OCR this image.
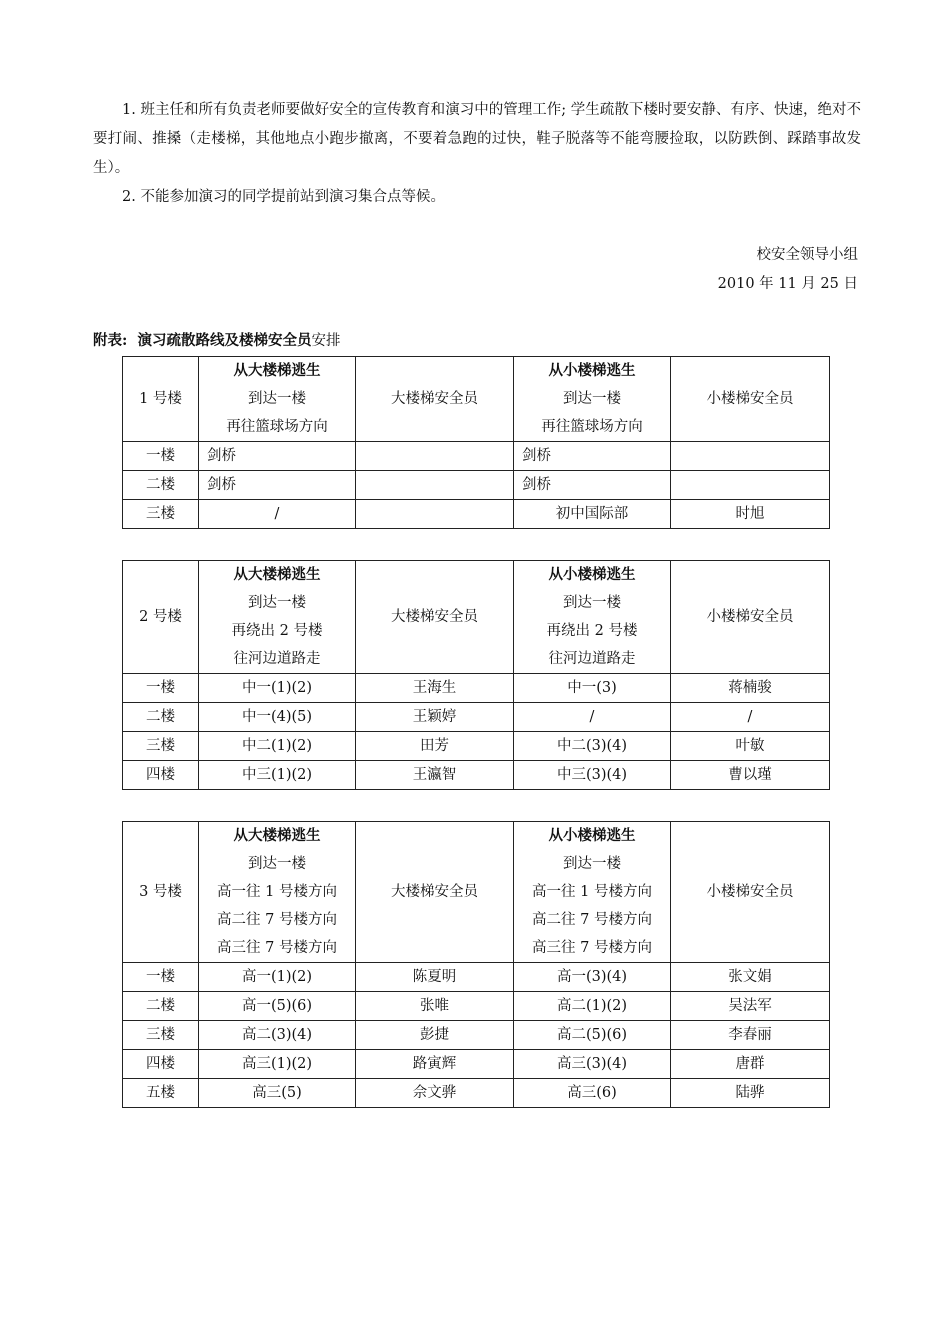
1. 班主任和所有负责老师要做好安全的宣传教育和演习中的管理工作; 学生疏散下楼时要安静、有序、快速，绝对不要打闹、推搡（走楼梯，其他地点小跑步撤离，不要着急跑的过快，鞋子脱落等不能弯腰捡取，以防跌倒、踩踏事故发生）。
2. 不能参加演习的同学提前站到演习集合点等候。
校安全领导小组
2010 年 11 月 25 日
附表: 演习疏散路线及楼梯安全员安排
1 号楼	从大楼梯逃生
到达一楼
再往篮球场方向	大楼梯安全员	从小楼梯逃生
到达一楼
再往篮球场方向	小楼梯安全员
一楼	剑桥		剑桥	
二楼	剑桥		剑桥	
三楼	/		初中国际部	时旭
2 号楼	从大楼梯逃生
到达一楼
再绕出 2 号楼
往河边道路走	大楼梯安全员	从小楼梯逃生
到达一楼
再绕出 2 号楼
往河边道路走	小楼梯安全员
一楼	中一(1)(2)	王海生	中一(3)	蒋楠骏
二楼	中一(4)(5)	王颖婷	/	/
三楼	中二(1)(2)	田芳	中二(3)(4)	叶敏
四楼	中三(1)(2)	王瀛智	中三(3)(4)	曹以瑾
3 号楼	从大楼梯逃生
到达一楼
高一往 1 号楼方向
高二往 7 号楼方向
高三往 7 号楼方向	大楼梯安全员	从小楼梯逃生
到达一楼
高一往 1 号楼方向
高二往 7 号楼方向
高三往 7 号楼方向	小楼梯安全员
一楼	高一(1)(2)	陈夏明	高一(3)(4)	张文娟
二楼	高一(5)(6)	张唯	高二(1)(2)	吴法军
三楼	高二(3)(4)	彭捷	高二(5)(6)	李春丽
四楼	高三(1)(2)	路寅辉	高三(3)(4)	唐群
五楼	高三(5)	佘文骅	高三(6)	陆骅
